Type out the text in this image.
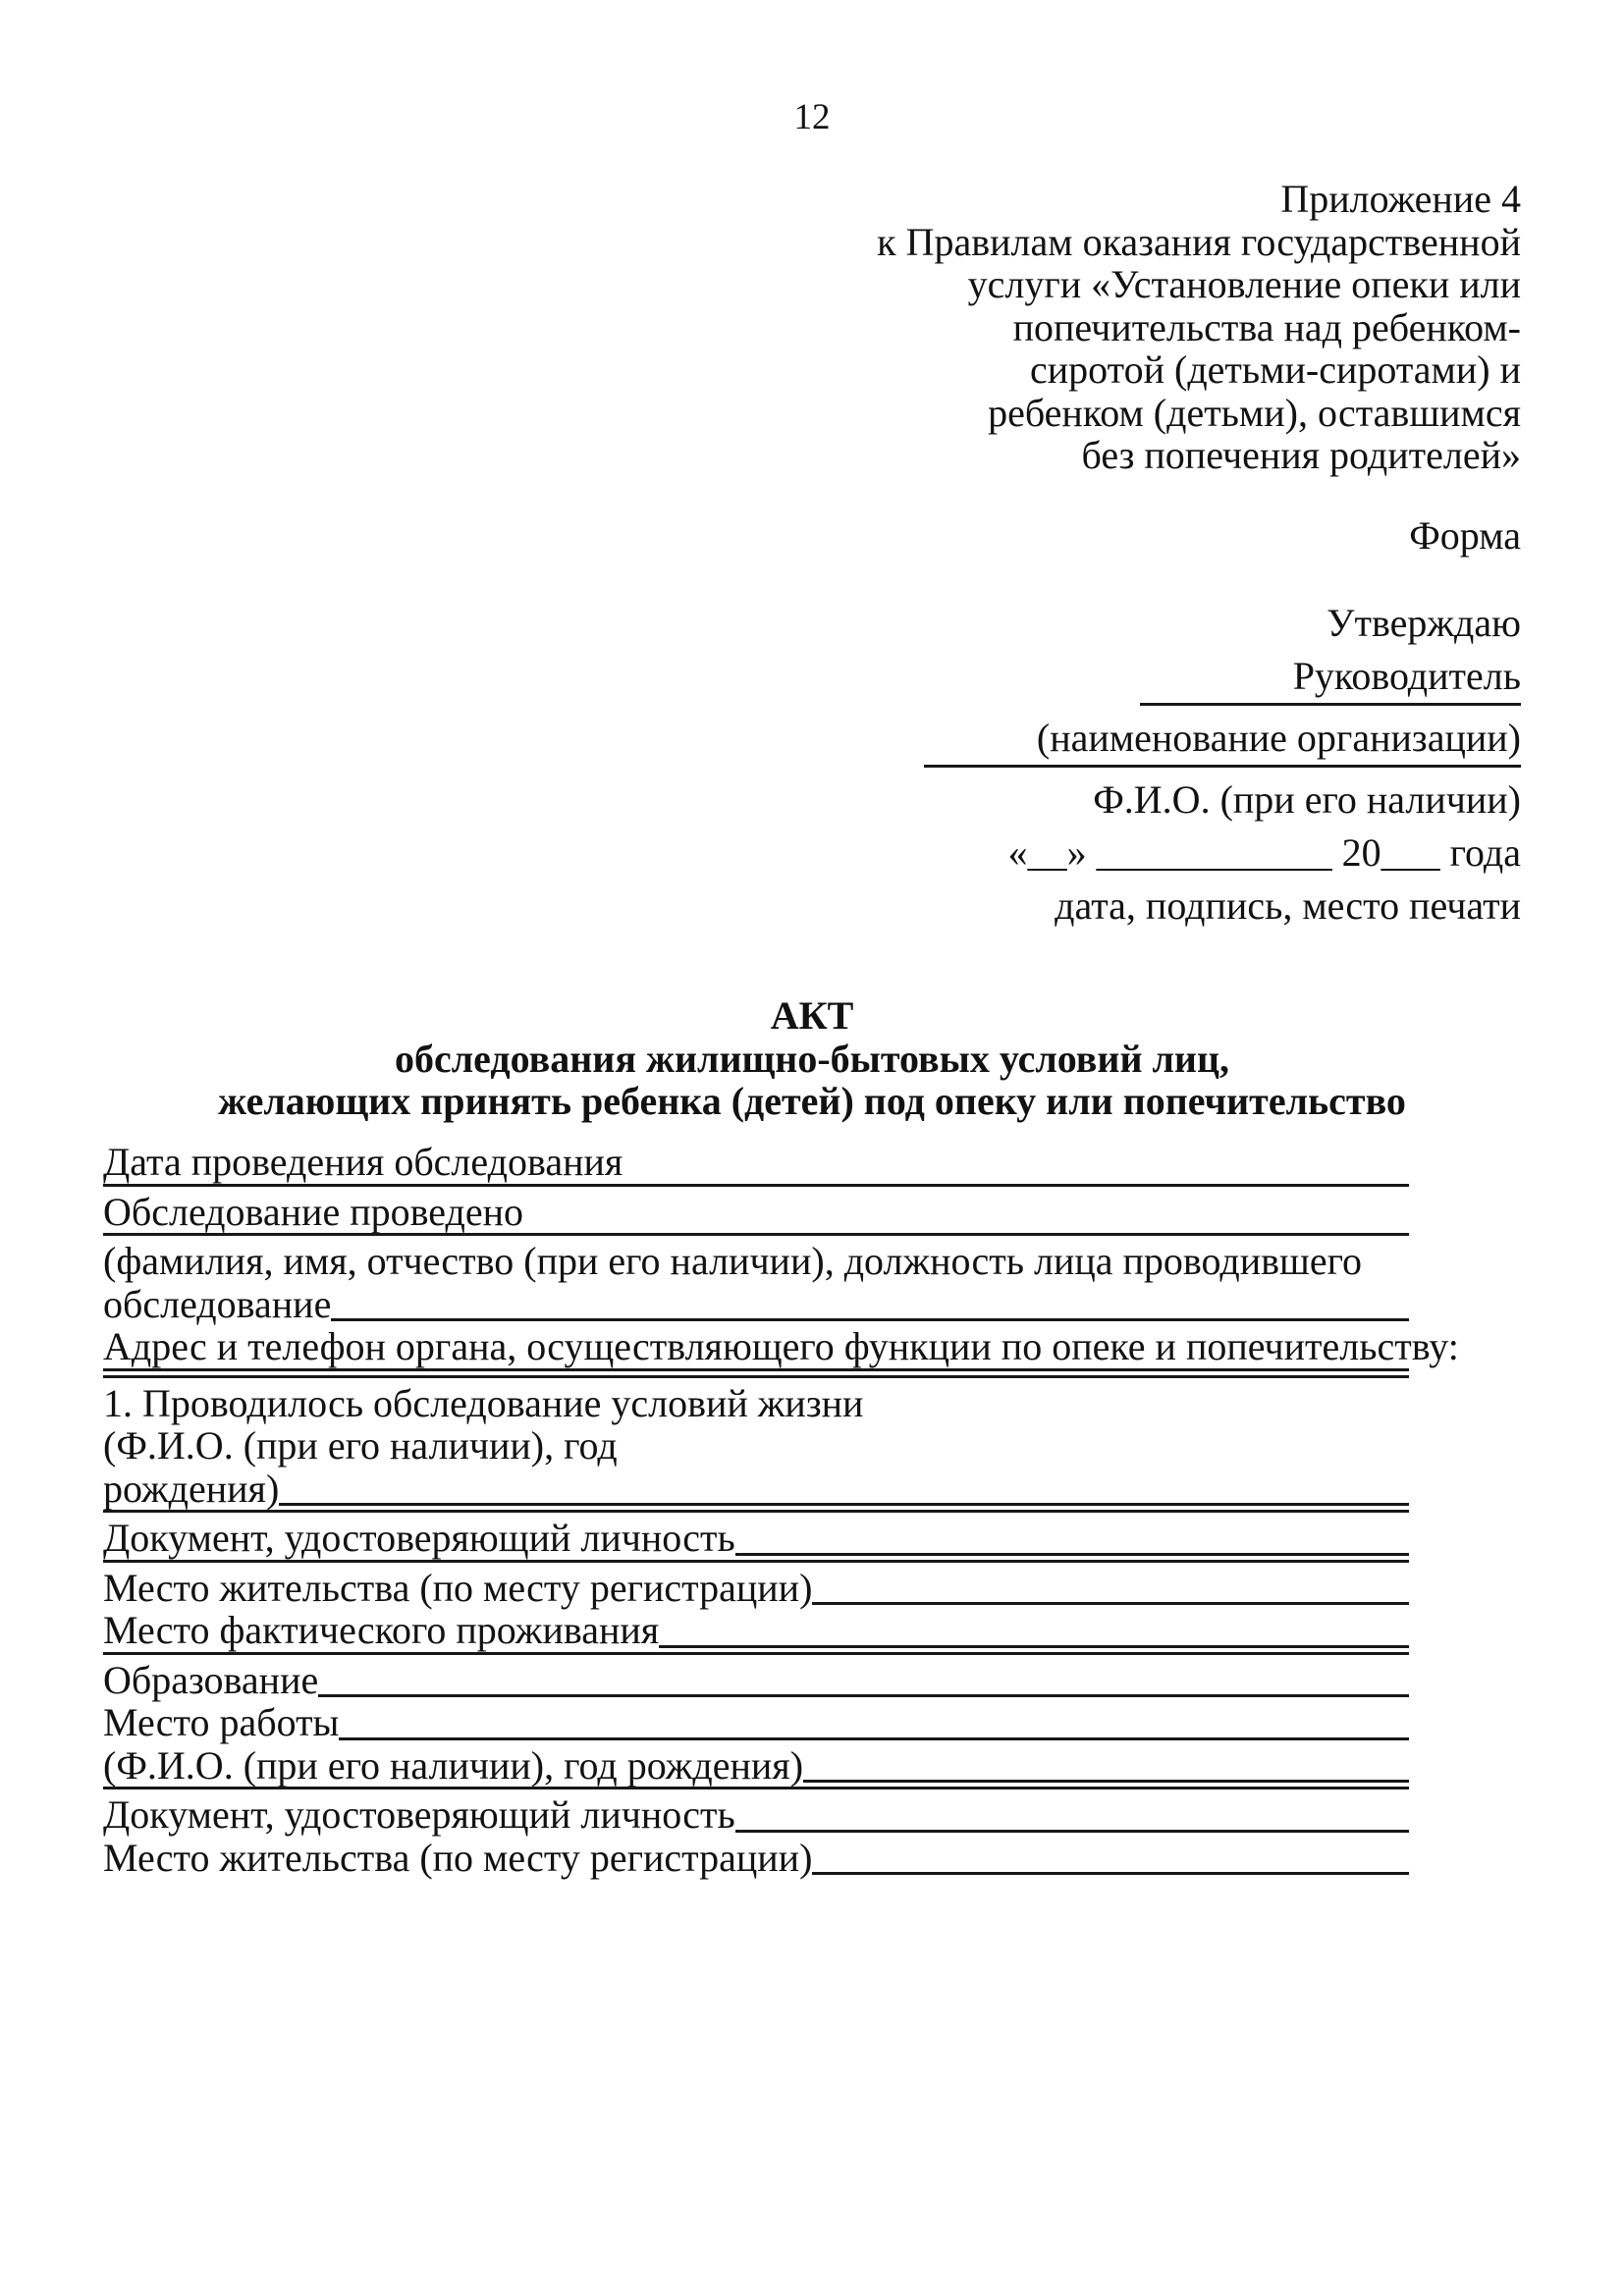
12
Приложение 4
к Правилам оказания государственной
услуги «Установление опеки или
попечительства над ребенком-
сиротой (детьми-сиротами) и
ребенком (детьми), оставшимся
без попечения родителей»
Форма
Утверждаю
Руководитель
(наименование организации)
Ф.И.О. (при его наличии)
«__» ____________ 20___ года
дата, подпись, место печати
АКТ
обследования жилищно-бытовых условий лиц,
желающих принять ребенка (детей) под опеку или попечительство
Дата проведения обследования
Обследование проведено
(фамилия, имя, отчество (при его наличии), должность лица проводившего
обследование
Адрес и телефон органа, осуществляющего функции по опеке и попечительству:
1. Проводилось обследование условий жизни
(Ф.И.О. (при его наличии), год
рождения)
Документ, удостоверяющий личность
Место жительства (по месту регистрации)
Место фактического проживания
Образование
Место работы
(Ф.И.О. (при его наличии), год рождения)
Документ, удостоверяющий личность
Место жительства (по месту регистрации)
